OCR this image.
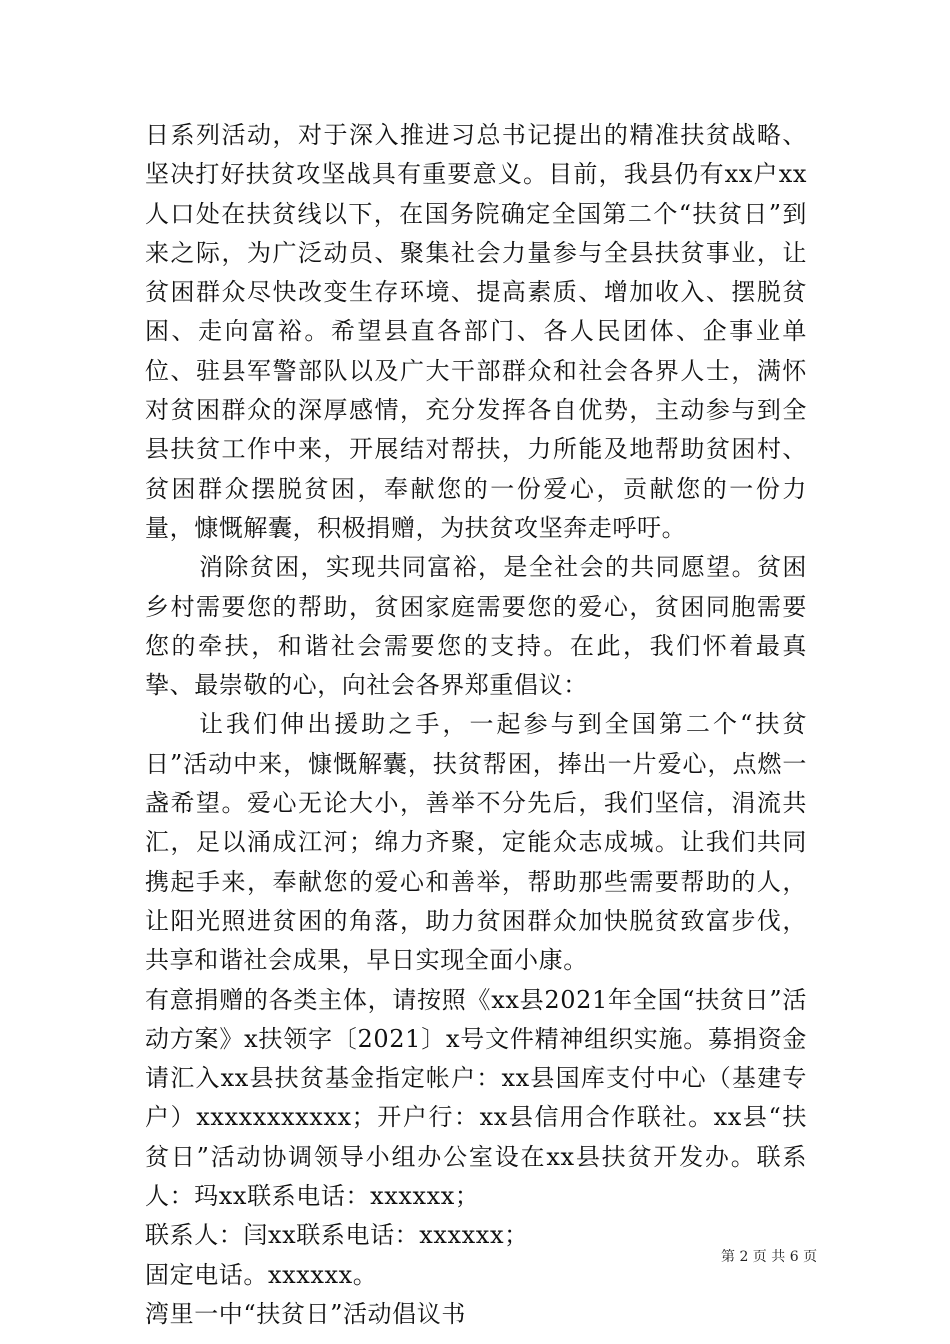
日系列活动，对于深入推进习总书记提出的精准扶贫战略、坚决打好扶贫攻坚战具有重要意义。目前，我县仍有xx户xx人口处在扶贫线以下，在国务院确定全国第二个“扶贫日”到来之际，为广泛动员、聚集社会力量参与全县扶贫事业，让贫困群众尽快改变生存环境、提高素质、增加收入、摆脱贫困、走向富裕。希望县直各部门、各人民团体、企事业单位、驻县军警部队以及广大干部群众和社会各界人士，满怀对贫困群众的深厚感情，充分发挥各自优势，主动参与到全县扶贫工作中来，开展结对帮扶，力所能及地帮助贫困村、贫困群众摆脱贫困，奉献您的一份爱心，贡献您的一份力量，慷慨解囊，积极捐赠，为扶贫攻坚奔走呼吁。

消除贫困，实现共同富裕，是全社会的共同愿望。贫困乡村需要您的帮助，贫困家庭需要您的爱心，贫困同胞需要您的牵扶，和谐社会需要您的支持。在此，我们怀着最真挚、最崇敬的心，向社会各界郑重倡议：

让我们伸出援助之手，一起参与到全国第二个“扶贫日”活动中来，慷慨解囊，扶贫帮困，捧出一片爱心，点燃一盏希望。爱心无论大小，善举不分先后，我们坚信，涓流共汇，足以涌成江河；绵力齐聚，定能众志成城。让我们共同携起手来，奉献您的爱心和善举，帮助那些需要帮助的人，让阳光照进贫困的角落，助力贫困群众加快脱贫致富步伐，共享和谐社会成果，早日实现全面小康。

有意捐赠的各类主体，请按照《xx县2021年全国“扶贫日”活动方案》x扶领字〔2021〕x号文件精神组织实施。募捐资金请汇入xx县扶贫基金指定帐户：xx县国库支付中心（基建专户）xxxxxxxxxxx；开户行：xx县信用合作联社。xx县“扶贫日”活动协调领导小组办公室设在xx县扶贫开发办。联系人：玛xx联系电话：xxxxxx；

联系人：闫xx联系电话：xxxxxx；

固定电话。xxxxxx。

湾里一中“扶贫日”活动倡议书

第 2 页 共 6 页
